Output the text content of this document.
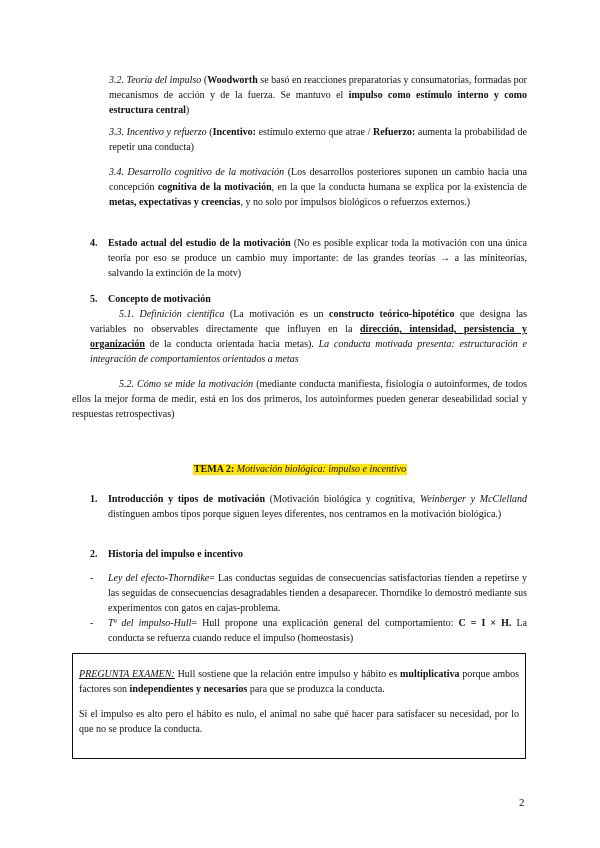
3.2. Teoría del impulso (Woodworth se basó en reacciones preparatorias y consumatorias, formadas por mecanismos de acción y de la fuerza. Se mantuvo el impulso como estímulo interno y como estructura central)

3.3. Incentivo y refuerzo (Incentivo: estímulo externo que atrae / Refuerzo: aumenta la probabilidad de repetir una conducta)

3.4. Desarrollo cognitivo de la motivación (Los desarrollos posteriores suponen un cambio hacia una concepción cognitiva de la motivación, en la que la conducta humana se explica por la existencia de metas, expectativas y creencias, y no solo por impulsos biológicos o refuerzos externos.)

4. Estado actual del estudio de la motivación (No es posible explicar toda la motivación con una única teoría por eso se produce un cambio muy importante: de las grandes teorías → a las miniteorías, salvando la extinción de la motv)

5. Concepto de motivación

5.1. Definición científica (La motivación es un constructo teórico-hipotético que designa las variables no observables directamente que influyen en la dirección, intensidad, persistencia y organización de la conducta orientada hacia metas). La conducta motivada presenta: estructuración e integración de comportamientos orientados a metas

5.2. Cómo se mide la motivación (mediante conducta manifiesta, fisiología o autoinformes, de todos ellos la mejor forma de medir, está en los dos primeros, los autoinformes pueden generar deseabilidad social y respuestas retrospectivas)

TEMA 2: Motivación biológica: impulso e incentivo
1. Introducción y tipos de motivación (Motivación biológica y cognitiva, Weinberger y McClelland distinguen ambos tipos porque siguen leyes diferentes, nos centramos en la motivación biológica.)

2. Historia del impulso e incentivo

- Ley del efecto-Thorndike= Las conductas seguidas de consecuencias satisfactorias tienden a repetirse y las seguidas de consecuencias desagradables tienden a desaparecer. Thorndike lo demostró mediante sus experimentos con gatos en cajas-problema.

- Tª del impulso-Hull= Hull propone una explicación general del comportamiento: C = I × H. La conducta se refuerza cuando reduce el impulso (homeostasis)

PREGUNTA EXAMEN: Hull sostiene que la relación entre impulso y hábito es multiplicativa porque ambos factores son independientes y necesarios para que se produzca la conducta.

Si el impulso es alto pero el hábito es nulo, el animal no sabe qué hacer para satisfacer su necesidad, por lo que no se produce la conducta.

2
